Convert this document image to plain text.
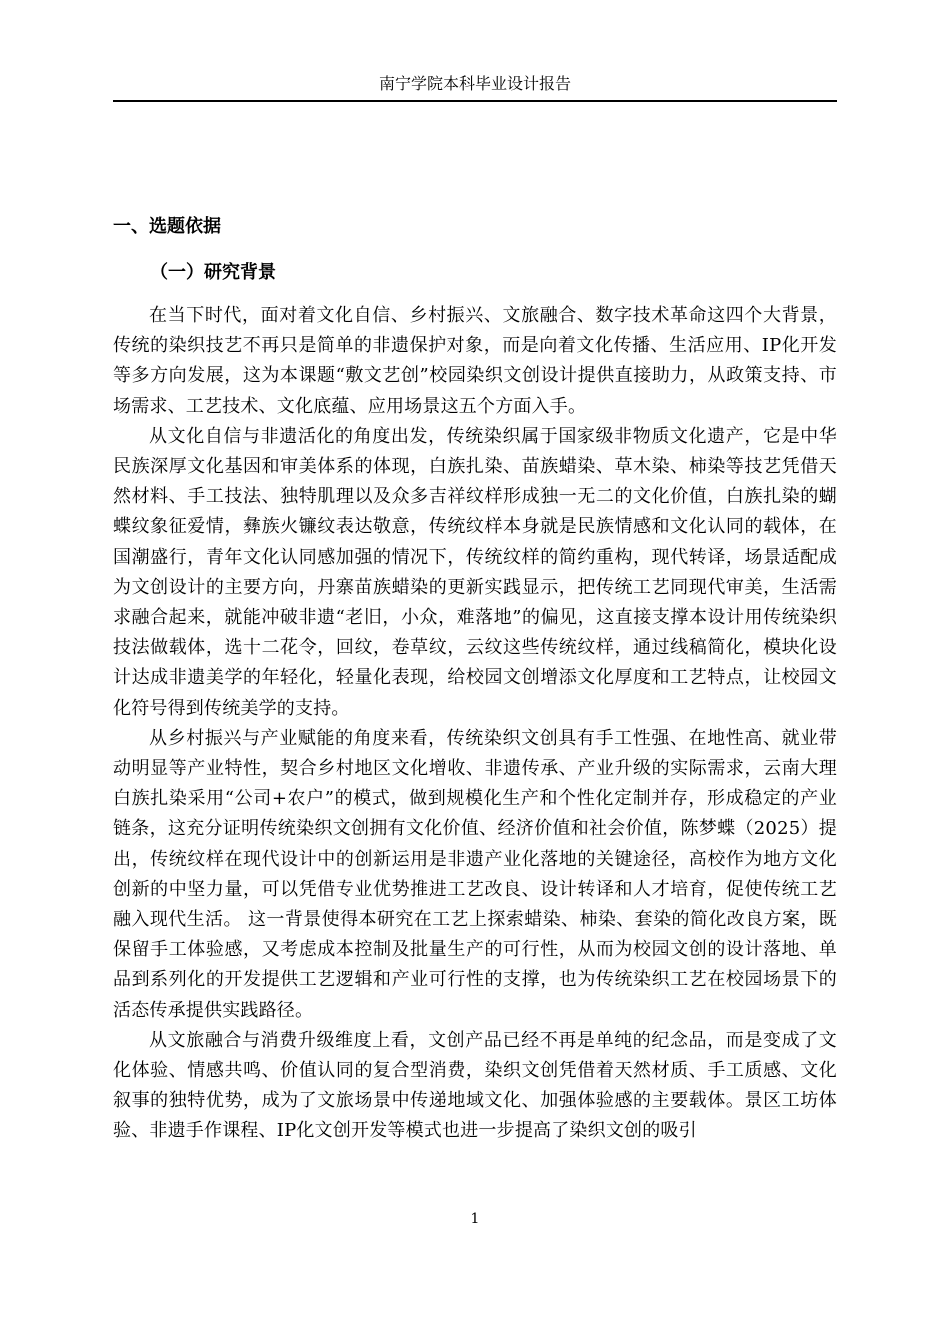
南宁学院本科毕业设计报告
一、选题依据
（一）研究背景

在当下时代，面对着文化自信、乡村振兴、文旅融合、数字技术革命这四个大背景，传统的染织技艺不再只是简单的非遗保护对象，而是向着文化传播、生活应用、IP化开发等多方向发展，这为本课题“敷文艺创”校园染织文创设计提供直接助力，从政策支持、市场需求、工艺技术、文化底蕴、应用场景这五个方面入手。

从文化自信与非遗活化的角度出发，传统染织属于国家级非物质文化遗产，它是中华民族深厚文化基因和审美体系的体现，白族扎染、苗族蜡染、草木染、柿染等技艺凭借天然材料、手工技法、独特肌理以及众多吉祥纹样形成独一无二的文化价值，白族扎染的蝴蝶纹象征爱情，彝族火镰纹表达敬意，传统纹样本身就是民族情感和文化认同的载体，在国潮盛行，青年文化认同感加强的情况下，传统纹样的简约重构，现代转译，场景适配成为文创设计的主要方向，丹寨苗族蜡染的更新实践显示，把传统工艺同现代审美，生活需求融合起来，就能冲破非遗“老旧，小众，难落地”的偏见，这直接支撑本设计用传统染织技法做载体，选十二花令，回纹，卷草纹，云纹这些传统纹样，通过线稿简化，模块化设计达成非遗美学的年轻化，轻量化表现，给校园文创增添文化厚度和工艺特点，让校园文化符号得到传统美学的支持。

从乡村振兴与产业赋能的角度来看，传统染织文创具有手工性强、在地性高、就业带动明显等产业特性，契合乡村地区文化增收、非遗传承、产业升级的实际需求，云南大理白族扎染采用“公司+农户”的模式，做到规模化生产和个性化定制并存，形成稳定的产业链条，这充分证明传统染织文创拥有文化价值、经济价值和社会价值，陈梦蝶（2025）提出，传统纹样在现代设计中的创新运用是非遗产业化落地的关键途径，高校作为地方文化创新的中坚力量，可以凭借专业优势推进工艺改良、设计转译和人才培育，促使传统工艺融入现代生活。 这一背景使得本研究在工艺上探索蜡染、柿染、套染的简化改良方案，既保留手工体验感，又考虑成本控制及批量生产的可行性，从而为校园文创的设计落地、单品到系列化的开发提供工艺逻辑和产业可行性的支撑，也为传统染织工艺在校园场景下的活态传承提供实践路径。

从文旅融合与消费升级维度上看，文创产品已经不再是单纯的纪念品，而是变成了文化体验、情感共鸣、价值认同的复合型消费，染织文创凭借着天然材质、手工质感、文化叙事的独特优势，成为了文旅场景中传递地域文化、加强体验感的主要载体。景区工坊体验、非遗手作课程、IP化文创开发等模式也进一步提高了染织文创的吸引

1
